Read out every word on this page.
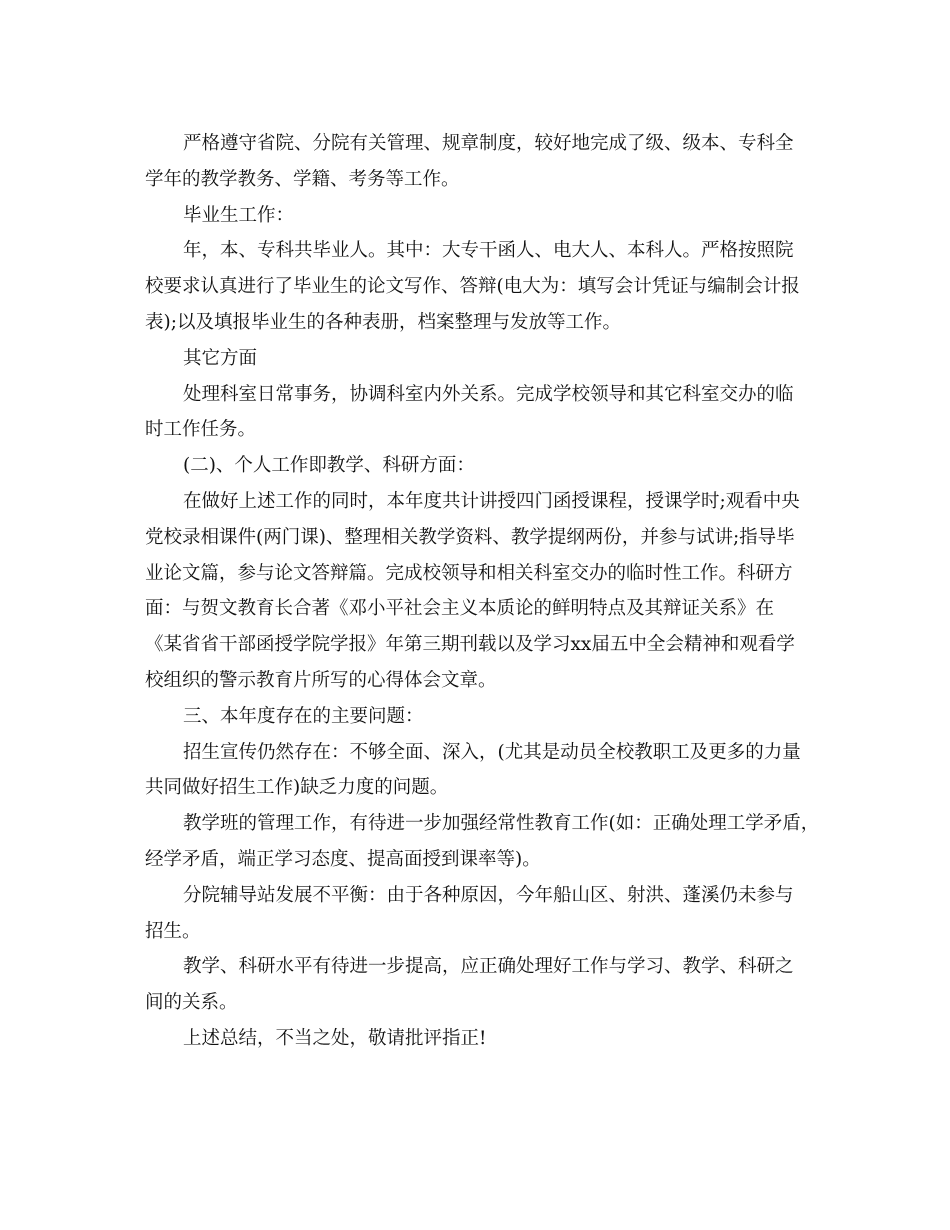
严格遵守省院、分院有关管理、规章制度，较好地完成了级、级本、专科全
学年的教学教务、学籍、考务等工作。
毕业生工作：
年，本、专科共毕业人。其中：大专干函人、电大人、本科人。严格按照院
校要求认真进行了毕业生的论文写作、答辩(电大为：填写会计凭证与编制会计报
表);以及填报毕业生的各种表册，档案整理与发放等工作。
其它方面
处理科室日常事务，协调科室内外关系。完成学校领导和其它科室交办的临
时工作任务。
(二)、个人工作即教学、科研方面：
在做好上述工作的同时，本年度共计讲授四门函授课程，授课学时;观看中央
党校录相课件(两门课)、整理相关教学资料、教学提纲两份，并参与试讲;指导毕
业论文篇，参与论文答辩篇。完成校领导和相关科室交办的临时性工作。科研方
面：与贺文教育长合著《邓小平社会主义本质论的鲜明特点及其辩证关系》在
《某省省干部函授学院学报》年第三期刊载以及学习xx届五中全会精神和观看学
校组织的警示教育片所写的心得体会文章。
三、本年度存在的主要问题：
招生宣传仍然存在：不够全面、深入，(尤其是动员全校教职工及更多的力量
共同做好招生工作)缺乏力度的问题。
教学班的管理工作，有待进一步加强经常性教育工作(如：正确处理工学矛盾，
经学矛盾，端正学习态度、提高面授到课率等)。
分院辅导站发展不平衡：由于各种原因，今年船山区、射洪、蓬溪仍未参与
招生。
教学、科研水平有待进一步提高，应正确处理好工作与学习、教学、科研之
间的关系。
上述总结，不当之处，敬请批评指正!
